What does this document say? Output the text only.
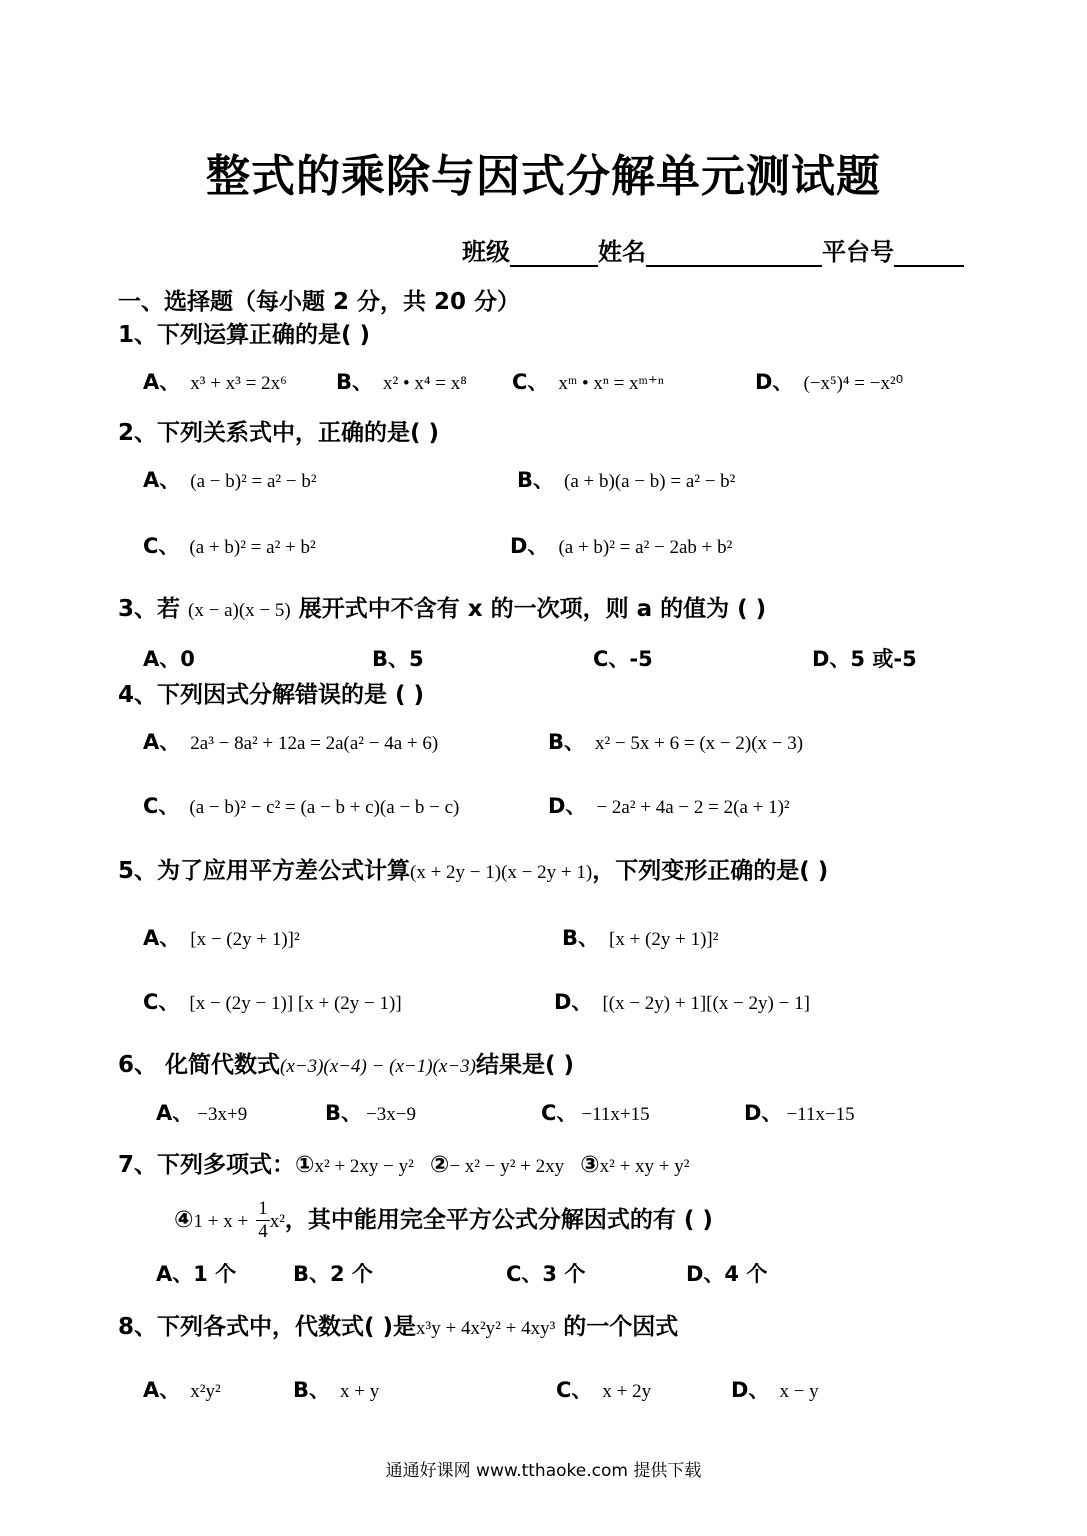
整式的乘除与因式分解单元测试题
班级	姓名	平台号
一、选择题（每小题 2 分，共 20 分）
1、下列运算正确的是( )
A、 x³ + x³ = 2x⁶ B、 x² • x⁴ = x⁸ C、 xᵐ • xⁿ = xᵐ⁺ⁿ	D、 (−x⁵)⁴ = −x²⁰
2、下列关系式中，正确的是( )
A、 (a − b)² = a² − b²	B、 (a + b)(a − b) = a² − b²
C、 (a + b)² = a² + b²	D、 (a + b)² = a² − 2ab + b²
3、若 (x − a)(x − 5) 展开式中不含有 x 的一次项，则 a 的值为 ( )
A、0	B、5	C、-5	D、5 或-5
4、下列因式分解错误的是 ( )
A、 2a³ − 8a² + 12a = 2a(a² − 4a + 6)	B、 x² − 5x + 6 = (x − 2)(x − 3)
C、 (a − b)² − c² = (a − b + c)(a − b − c)	D、 − 2a² + 4a − 2 = 2(a + 1)²
5、为了应用平方差公式计算(x + 2y − 1)(x − 2y + 1)，下列变形正确的是( )
A、 [x − (2y + 1)]²	B、 [x + (2y + 1)]²
C、 [x − (2y − 1)] [x + (2y − 1)]	D、 [(x − 2y) + 1][(x − 2y) − 1]
6、 化简代数式(x−3)(x−4) − (x−1)(x−3)结果是( )
A、 −3x+9	B、 −3x−9	C、 −11x+15	D、 −11x−15
7、下列多项式：①x² + 2xy − y² ②− x² − y² + 2xy ③x² + xy + y²
④1 + $x + \frac{1}{4} x^2$，其中能用完全平方公式分解因式的有 ( )
A、1 个	B、2 个	C、3 个	D、4 个
8、下列各式中，代数式( )是x³y + 4x²y² + 4xy³ 的一个因式
A、 x²y²	B、 x + y	C、 x + 2y	D、 x − y
通通好课网 www.tthaoke.com 提供下载
